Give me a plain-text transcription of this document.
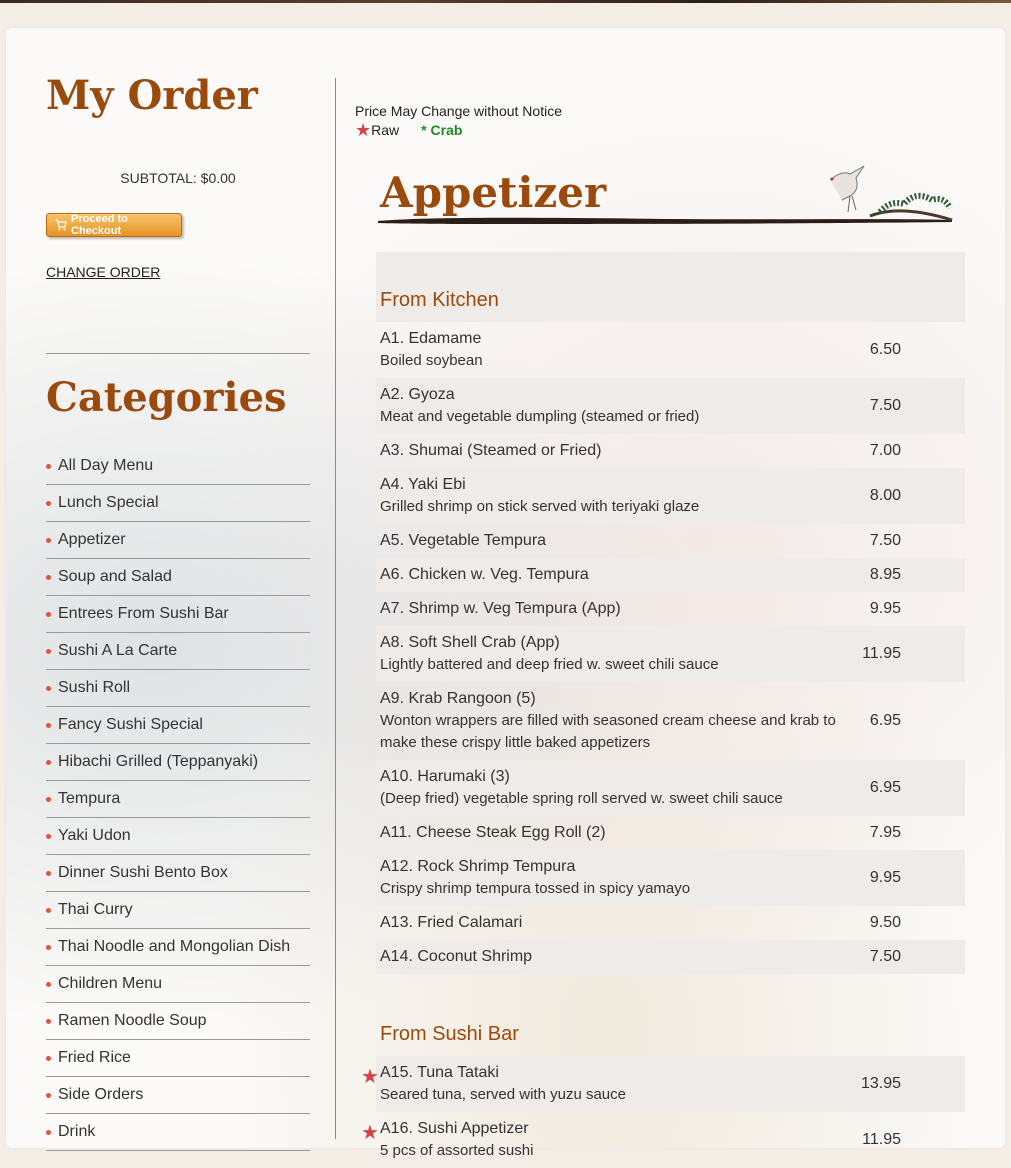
My Order
SUBTOTAL: $0.00
Proceed to Checkout
CHANGE ORDER
Categories
All Day Menu
Lunch Special
Appetizer
Soup and Salad
Entrees From Sushi Bar
Sushi A La Carte
Sushi Roll
Fancy Sushi Special
Hibachi Grilled (Teppanyaki)
Tempura
Yaki Udon
Dinner Sushi Bento Box
Thai Curry
Thai Noodle and Mongolian Dish
Children Menu
Ramen Noodle Soup
Fried Rice
Side Orders
Drink
Price May Change without Notice
★ Raw * Crab
Appetizer
From Kitchen	

A1. Edamame
Boiled soybean	6.50

A2. Gyoza
Meat and vegetable dumpling (steamed or fried)	7.50

A3. Shumai (Steamed or Fried)	7.00

A4. Yaki Ebi
Grilled shrimp on stick served with teriyaki glaze	8.00

A5. Vegetable Tempura	7.50

A6. Chicken w. Veg. Tempura	8.95

A7. Shrimp w. Veg Tempura (App)	9.95

A8. Soft Shell Crab (App)
Lightly battered and deep fried w. sweet chili sauce	11.95

A9. Krab Rangoon (5)
Wonton wrappers are filled with seasoned cream cheese and krab to make these crispy little baked appetizers	6.95

A10. Harumaki (3)
(Deep fried) vegetable spring roll served w. sweet chili sauce	6.95

A11. Cheese Steak Egg Roll (2)	7.95

A12. Rock Shrimp Tempura
Crispy shrimp tempura tossed in spicy yamayo	9.95

A13. Fried Calamari	9.50

A14. Coconut Shrimp	7.50
From Sushi Bar	

★ A15. Tuna Tataki
Seared tuna, served with yuzu sauce	13.95

★ A16. Sushi Appetizer
5 pcs of assorted sushi	11.95
